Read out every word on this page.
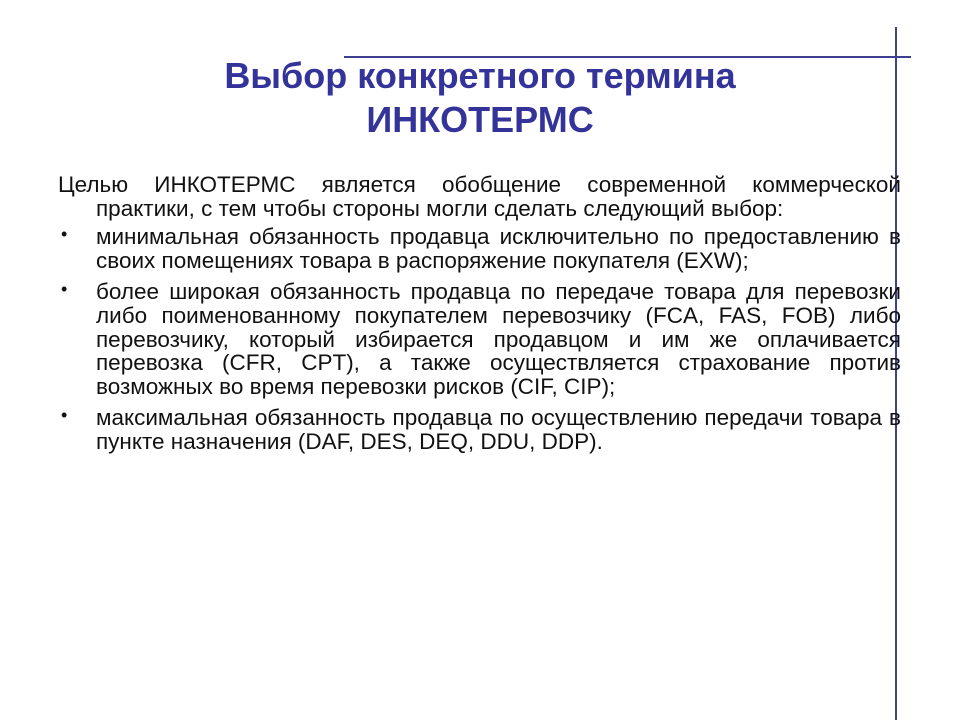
Выбор конкретного термина
ИНКОТЕРМС

Целью ИНКОТЕРМС является обобщение современной коммерческой практики, с тем чтобы стороны могли сделать следующий выбор:

• минимальная обязанность продавца исключительно по предоставлению в своих помещениях товара в распоряжение покупателя (EXW);
• более широкая обязанность продавца по передаче товара для перевозки либо поименованному покупателем перевозчику (FCA, FAS, FOB) либо перевозчику, который избирается продавцом и им же оплачивается перевозка (CFR, CPT), а также осуществляется страхование против возможных во время перевозки рисков (CIF, CIP);
• максимальная обязанность продавца по осуществлению передачи товара в пункте назначения (DAF, DES, DEQ, DDU, DDP).
